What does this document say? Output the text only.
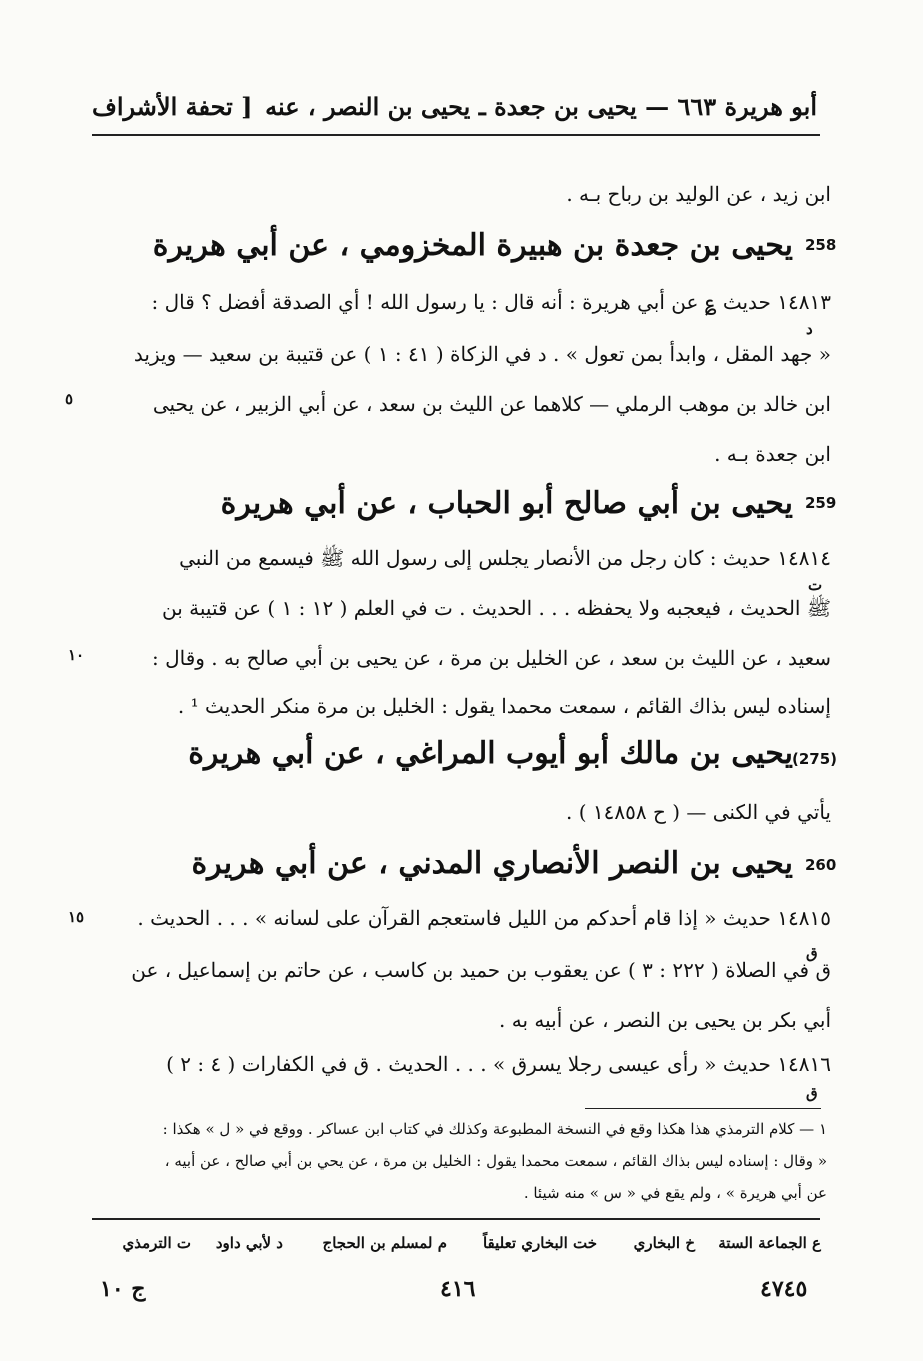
أبو هريرة ٦٦٣ — يحيى بن جعدة ـ يحيى بن النصر ، عنه
[ تحفة الأشراف
ابن زيد ، عن الوليد بن رباح بـه .
يحيى بن جعدة بن هبيرة المخزومي ، عن أبي هريرة 258
١٤٨١٣ حديث ؏ عن أبي هريرة : أنه قال : يا رسول الله ! أي الصدقة أفضل ؟ قال :
د
« جهد المقل ، وابدأ بمن تعول » . د في الزكاة ( ٤١ : ١ ) عن قتيبة بن سعيد — ويزيد
ابن خالد بن موهب الرملي — كلاهما عن الليث بن سعد ، عن أبي الزبير ، عن يحيى
٥
ابن جعدة بـه .
يحيى بن أبي صالح أبو الحباب ، عن أبي هريرة 259
١٤٨١٤ حديث : كان رجل من الأنصار يجلس إلى رسول الله ﷺ فيسمع من النبي
ت
ﷺ الحديث ، فيعجبه ولا يحفظه . . . الحديث . ت في العلم ( ١٢ : ١ ) عن قتيبة بن
سعيد ، عن الليث بن سعد ، عن الخليل بن مرة ، عن يحيى بن أبي صالح به . وقال :
١٠
إسناده ليس بذاك القائم ، سمعت محمدا يقول : الخليل بن مرة منكر الحديث ¹ .
يحيى بن مالك أبو أيوب المراغي ، عن أبي هريرة (275)
يأتي في الكنى — ( ح ١٤٨٥٨ ) .
يحيى بن النصر الأنصاري المدني ، عن أبي هريرة 260
١٤٨١٥ حديث « إذا قام أحدكم من الليل فاستعجم القرآن على لسانه » . . . الحديث .
١٥
ق
ق في الصلاة ( ٢٢٢ : ٣ ) عن يعقوب بن حميد بن كاسب ، عن حاتم بن إسماعيل ، عن
أبي بكر بن يحيى بن النصر ، عن أبيه به .
١٤٨١٦ حديث « رأى عيسى رجلا يسرق » . . . الحديث . ق في الكفارات ( ٤ : ٢ )
ق
١ — كلام الترمذي هذا هكذا وقع في النسخة المطبوعة وكذلك في كتاب ابن عساكر . ووقع في « ل » هكذا :
« وقال : إسناده ليس بذاك القائم ، سمعت محمدا يقول : الخليل بن مرة ، عن يحي بن أبي صالح ، عن أبيه ،
عن أبي هريرة » ، ولم يقع في « س » منه شيئا .
ع الجماعة الستة
خ البخاري
خت البخاري تعليقاً
م لمسلم بن الحجاج
د لأبي داود
ت الترمذي
٤٧٤٥
٤١٦
ج ١٠
